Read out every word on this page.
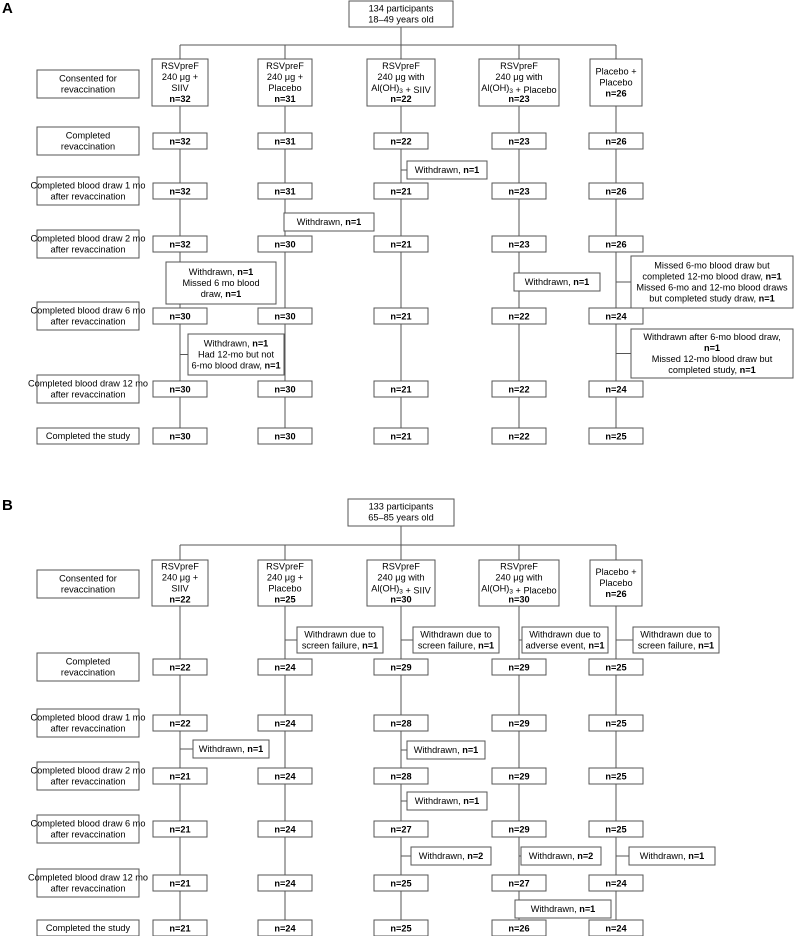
A	134 participants
18–49 years old
Consented for
revaccination
Completed
revaccination
Completed blood draw 1 mo
after revaccination
Completed blood draw 2 mo
after revaccination
Completed blood draw 6 mo
after revaccination
Completed blood draw 12 mo
after revaccination
Completed the study
RSVpreF
240 μg +
SIIV
n=32
RSVpreF
240 μg +
Placebo
n=31
RSVpreF
240 μg with
$Al(OH)_3$ + SIIV
n=22
RSVpreF
240 μg with
$Al(OH)_3$ + Placebo
n=23
Placebo +
Placebo
n=26
n=32	n=31	n=22	n=23	n=26
n=32	n=31	n=21	n=23	n=26
n=32	n=30	n=21	n=23	n=26
n=30	n=30	n=21	n=22	n=24
n=30	n=30	n=21	n=22	n=24
n=30	n=30	n=21	n=22	n=25
Withdrawn, n=1
Withdrawn, n=1
Withdrawn, n=1
Missed 6 mo blood
draw, n=1
Withdrawn, n=1
Missed 6-mo blood draw but
completed 12-mo blood draw, n=1
Missed 6-mo and 12-mo blood draws
but completed study draw, n=1
Withdrawn, n=1
Had 12-mo but not
6-mo blood draw, n=1
Withdrawn after 6-mo blood draw,
n=1
Missed 12-mo blood draw but
completed study, n=1
B	133 participants
65–85 years old
Consented for
revaccination
Completed
revaccination
Completed blood draw 1 mo
after revaccination
Completed blood draw 2 mo
after revaccination
Completed blood draw 6 mo
after revaccination
Completed blood draw 12 mo
after revaccination
Completed the study
RSVpreF
240 μg +
SIIV
n=22
RSVpreF
240 μg +
Placebo
n=25
RSVpreF
240 μg with
$Al(OH)_3$ + SIIV
n=30
RSVpreF
240 μg with
$Al(OH)_3$ + Placebo
n=30
Placebo +
Placebo
n=26
n=22	n=24	n=29	n=29	n=25
n=22	n=24	n=28	n=29	n=25
n=21	n=24	n=28	n=29	n=25
n=21	n=24	n=27	n=29	n=25
n=21	n=24	n=25	n=27	n=24
n=21	n=24	n=25	n=26	n=24
Withdrawn due to
screen failure, n=1
Withdrawn due to
screen failure, n=1
Withdrawn due to
adverse event, n=1
Withdrawn due to
screen failure, n=1
Withdrawn, n=1
Withdrawn, n=1
Withdrawn, n=1
Withdrawn, n=2	Withdrawn, n=2	Withdrawn, n=1
Withdrawn, n=1
